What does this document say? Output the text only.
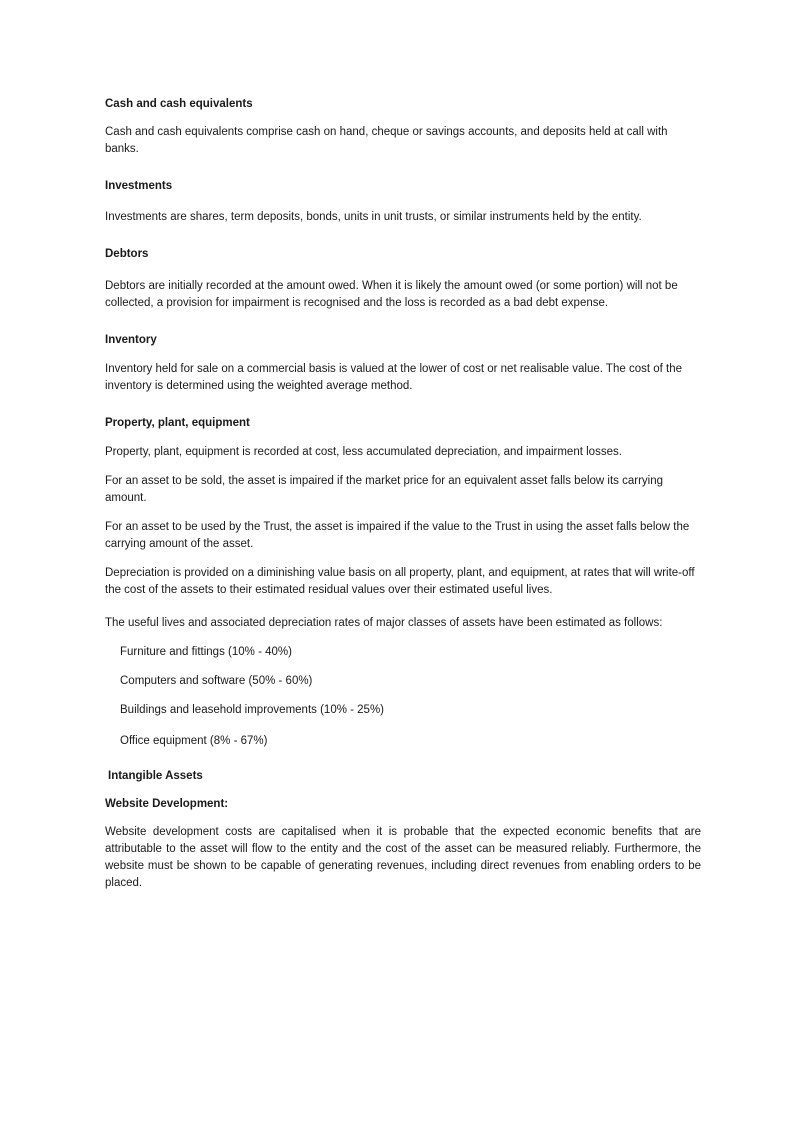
Cash and cash equivalents

Cash and cash equivalents comprise cash on hand, cheque or savings accounts, and deposits held at call with banks.

Investments

Investments are shares, term deposits, bonds, units in unit trusts, or similar instruments held by the entity.

Debtors

Debtors are initially recorded at the amount owed. When it is likely the amount owed (or some portion) will not be collected, a provision for impairment is recognised and the loss is recorded as a bad debt expense.

Inventory

Inventory held for sale on a commercial basis is valued at the lower of cost or net realisable value. The cost of the inventory is determined using the weighted average method.

Property, plant, equipment

Property, plant, equipment is recorded at cost, less accumulated depreciation, and impairment losses.

For an asset to be sold, the asset is impaired if the market price for an equivalent asset falls below its carrying amount.

For an asset to be used by the Trust, the asset is impaired if the value to the Trust in using the asset falls below the carrying amount of the asset.

Depreciation is provided on a diminishing value basis on all property, plant, and equipment, at rates that will write-off the cost of the assets to their estimated residual values over their estimated useful lives.

The useful lives and associated depreciation rates of major classes of assets have been estimated as follows:

Furniture and fittings (10% - 40%)

Computers and software (50% - 60%)

Buildings and leasehold improvements (10% - 25%)

Office equipment (8% - 67%)

Intangible Assets

Website Development:

Website development costs are capitalised when it is probable that the expected economic benefits that are attributable to the asset will flow to the entity and the cost of the asset can be measured reliably. Furthermore, the website must be shown to be capable of generating revenues, including direct revenues from enabling orders to be placed.
